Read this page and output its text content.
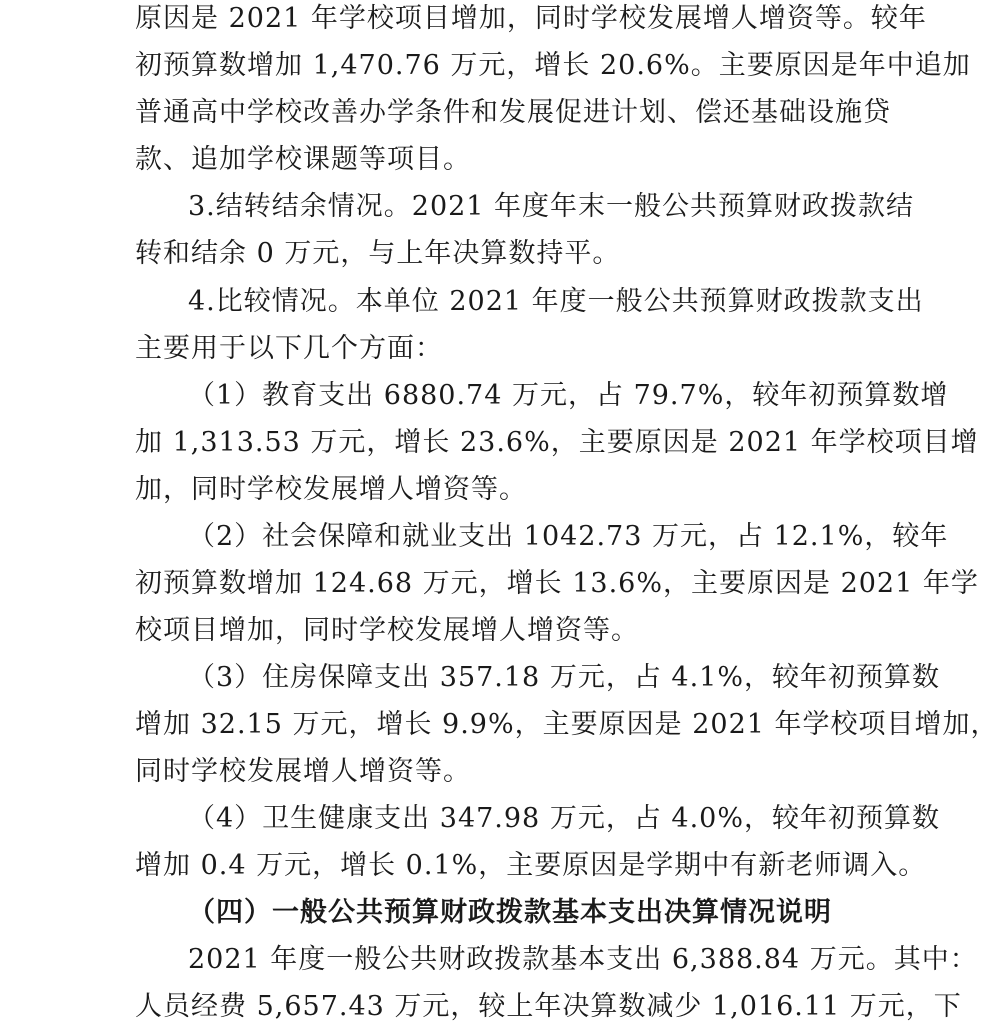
原因是 2021 年学校项目增加，同时学校发展增人增资等。较年
初预算数增加 1,470.76 万元，增长 20.6%。主要原因是年中追加
普通高中学校改善办学条件和发展促进计划、偿还基础设施贷
款、追加学校课题等项目。
3.结转结余情况。2021 年度年末一般公共预算财政拨款结
转和结余 0 万元，与上年决算数持平。
4.比较情况。本单位 2021 年度一般公共预算财政拨款支出
主要用于以下几个方面：
（1）教育支出 6880.74 万元，占 79.7%，较年初预算数增
加 1,313.53 万元，增长 23.6%，主要原因是 2021 年学校项目增
加，同时学校发展增人增资等。
（2）社会保障和就业支出 1042.73 万元，占 12.1%，较年
初预算数增加 124.68 万元，增长 13.6%，主要原因是 2021 年学
校项目增加，同时学校发展增人增资等。
（3）住房保障支出 357.18 万元，占 4.1%，较年初预算数
增加 32.15 万元，增长 9.9%，主要原因是 2021 年学校项目增加，
同时学校发展增人增资等。
（4）卫生健康支出 347.98 万元，占 4.0%，较年初预算数
增加 0.4 万元，增长 0.1%，主要原因是学期中有新老师调入。
（四）一般公共预算财政拨款基本支出决算情况说明
2021 年度一般公共财政拨款基本支出 6,388.84 万元。其中：
人员经费 5,657.43 万元，较上年决算数减少 1,016.11 万元，下
